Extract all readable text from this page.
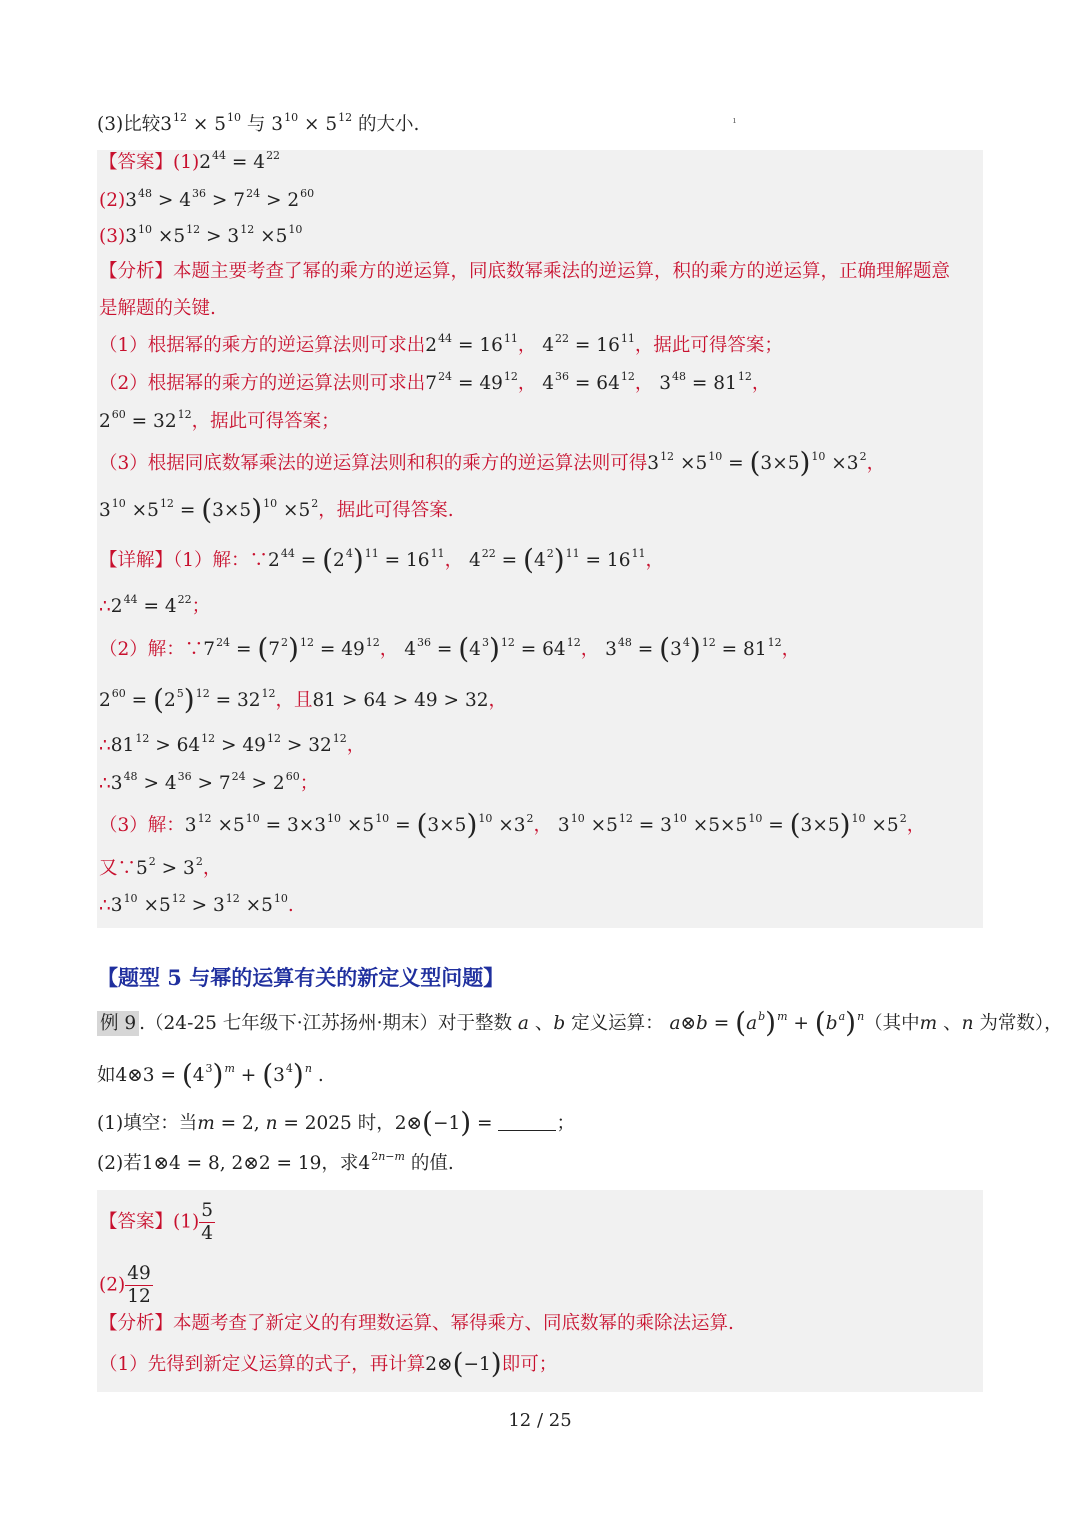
ı
(3)比较$3^{12} \times 5^{10}$ 与 $3^{10} \times 5^{12}$ 的大小.
【答案】$(1)2^{44} = 4^{22}$
$(2)3^{48} > 4^{36} > 7^{24} > 2^{60}$
$(3)3^{10} \times 5^{12} > 3^{12} \times 5^{10}$
【分析】本题主要考查了幂的乘方的逆运算，同底数幂乘法的逆运算，积的乘方的逆运算，正确理解题意
是解题的关键.
（1）根据幂的乘方的逆运算法则可求出$2^{44} = 16^{11}$， $4^{22} = 16^{11}$，据此可得答案；
（2）根据幂的乘方的逆运算法则可求出$7^{24} = 49^{12}$， $4^{36} = 64^{12}$， $3^{48} = 81^{12}$，
$2^{60} = 32^{12}$，据此可得答案；
（3）根据同底数幂乘法的逆运算法则和积的乘方的逆运算法则可得$3^{12} \times 5^{10} = (3\times 5)^{10} \times 3^2$，
$3^{10} \times 5^{12} = (3\times 5)^{10} \times 5^2$，据此可得答案.
【详解】（1）解：$\because 2^{44} = (2^4)^{11} = 16^{11}$， $4^{22} = (4^2)^{11} = 16^{11}$，
$\therefore 2^{44} = 4^{22}$；
（2）解：$\because 7^{24} = (7^2)^{12} = 49^{12}$， $4^{36} = (4^3)^{12} = 64^{12}$， $3^{48} = (3^4)^{12} = 81^{12}$，
$2^{60} = (2^5)^{12} = 32^{12}$，且81 > 64 > 49 > 32，
$\therefore 81^{12} > 64^{12} > 49^{12} > 32^{12}$，
$\therefore 3^{48} > 4^{36} > 7^{24} > 2^{60}$；
（3）解：$3^{12} \times 5^{10} = 3\times 3^{10} \times 5^{10} = (3\times 5)^{10} \times 3^2$， $3^{10} \times 5^{12} = 3^{10} \times 5\times 5^{10} = (3\times 5)^{10} \times 5^2$，
又$\because 5^2 > 3^2$，
$\therefore 3^{10} \times 5^{12} > 3^{12} \times 5^{10}$.
【题型 5 与幂的运算有关的新定义型问题】
例 9 .（24-25 七年级下·江苏扬州·期末）对于整数 a 、b 定义运算： a⊗b = $(a^b)^m + (b^a)^n$（其中m 、n 为常数），
如4⊗3 = $(4^3)^m + (3^4)^n$ .
(1)填空：当m = 2, n = 2025 时，2⊗(−1) =	；
(2)若1⊗4 = 8, 2⊗2 = 19，求$4^{2n-m}$ 的值.
【答案】$(1) \frac{5}{4}$
$(2) \frac{49}{12}$
【分析】本题考查了新定义的有理数运算、幂得乘方、同底数幂的乘除法运算.
（1）先得到新定义运算的式子，再计算2⊗(−1)即可；
12 / 25
